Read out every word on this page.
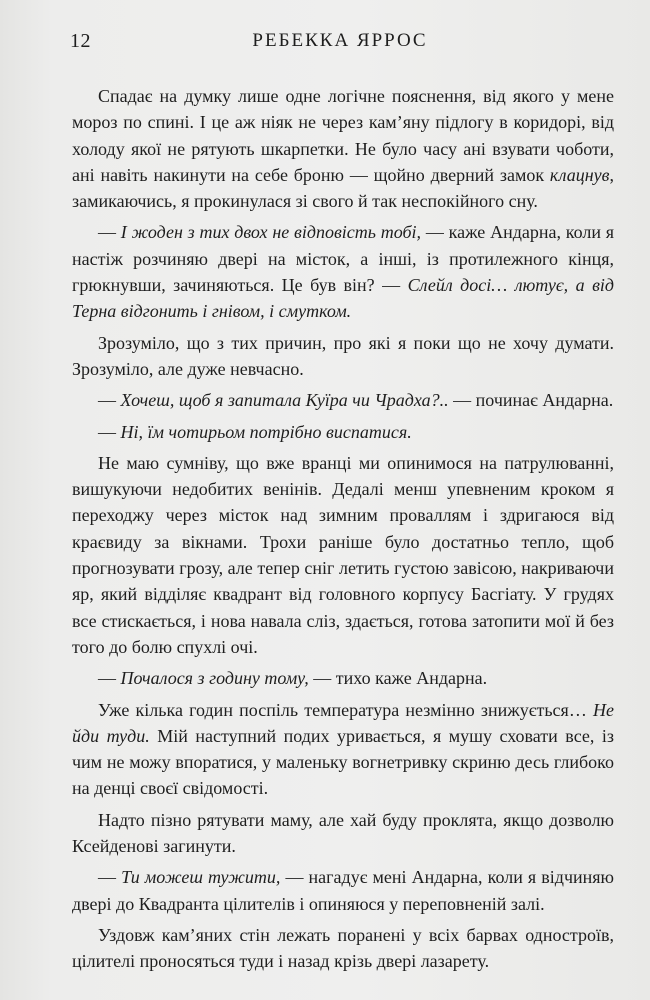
12	РЕБЕККА ЯРРОС

Спадає на думку лише одне логічне пояснення, від якого у мене мороз по спині. І це аж ніяк не через кам’яну підлогу в коридорі, від холоду якої не рятують шкарпетки. Не було часу ані взувати чоботи, ані навіть накинути на себе броню — щойно дверний замок клацнув, замикаючись, я прокинулася зі свого й так неспокійного сну.

— І жоден з тих двох не відповість тобі, — каже Андарна, коли я настіж розчиняю двері на місток, а інші, із протилежного кінця, грюкнувши, зачиняються. Це був він? — Слейл досі… лютує, а від Терна відгонить і гнівом, і смутком.

Зрозуміло, що з тих причин, про які я поки що не хочу думати. Зрозуміло, але дуже невчасно.

— Хочеш, щоб я запитала Куїра чи Чрадха?.. — починає Андарна.

— Ні, їм чотирьом потрібно виспатися.

Не маю сумніву, що вже вранці ми опинимося на патрулюванні, вишукуючи недобитих венінів. Дедалі менш упевненим кроком я переходжу через місток над зимним проваллям і здригаюся від краєвиду за вікнами. Трохи раніше було достатньо тепло, щоб прогнозувати грозу, але тепер сніг летить густою завісою, накриваючи яр, який відділяє квадрант від головного корпусу Басгіату. У грудях все стискається, і нова навала сліз, здається, готова затопити мої й без того до болю спухлі очі.

— Почалося з годину тому, — тихо каже Андарна.

Уже кілька годин поспіль температура незмінно знижується… Не йди туди. Мій наступний подих уривається, я мушу сховати все, із чим не можу впоратися, у маленьку вогнетривку скриню десь глибоко на денці своєї свідомості.

Надто пізно рятувати маму, але хай буду проклята, якщо дозволю Ксейденові загинути.

— Ти можеш тужити, — нагадує мені Андарна, коли я відчиняю двері до Квадранта цілителів і опиняюся у переповненій залі.

Уздовж кам’яних стін лежать поранені у всіх барвах одностроїв, цілителі проносяться туди і назад крізь двері лазарету.
